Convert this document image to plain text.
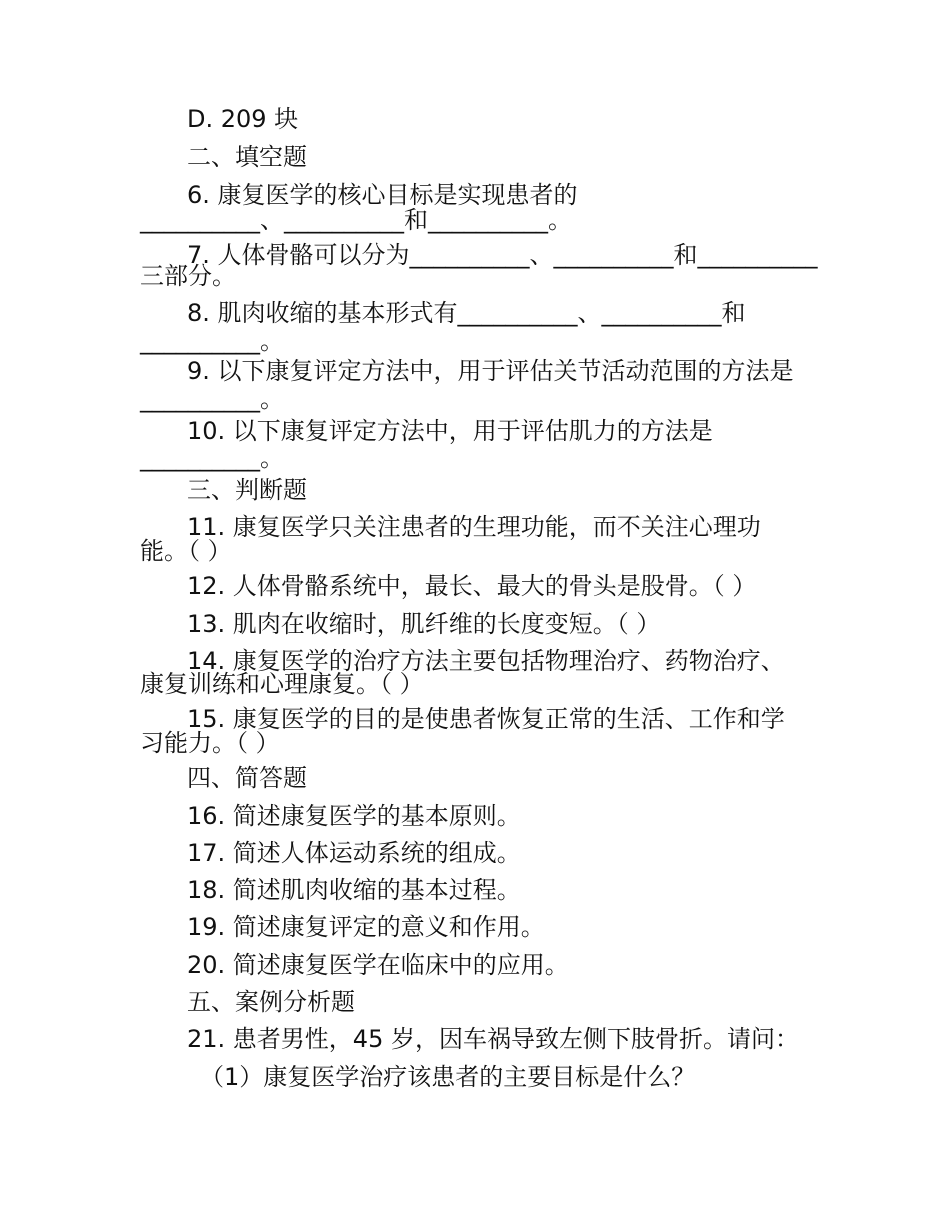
D. 209 块
二、填空题
6. 康复医学的核心目标是实现患者的
__________、__________和__________。
7. 人体骨骼可以分为__________、__________和__________
三部分。
8. 肌肉收缩的基本形式有__________、__________和
__________。
9. 以下康复评定方法中，用于评估关节活动范围的方法是
__________。
10. 以下康复评定方法中，用于评估肌力的方法是
__________。
三、判断题
11. 康复医学只关注患者的生理功能，而不关注心理功
能。（ ）
12. 人体骨骼系统中，最长、最大的骨头是股骨。（ ）
13. 肌肉在收缩时，肌纤维的长度变短。（ ）
14. 康复医学的治疗方法主要包括物理治疗、药物治疗、
康复训练和心理康复。（ ）
15. 康复医学的目的是使患者恢复正常的生活、工作和学
习能力。（ ）
四、简答题
16. 简述康复医学的基本原则。
17. 简述人体运动系统的组成。
18. 简述肌肉收缩的基本过程。
19. 简述康复评定的意义和作用。
20. 简述康复医学在临床中的应用。
五、案例分析题
21. 患者男性，45 岁，因车祸导致左侧下肢骨折。请问：
（1）康复医学治疗该患者的主要目标是什么？
